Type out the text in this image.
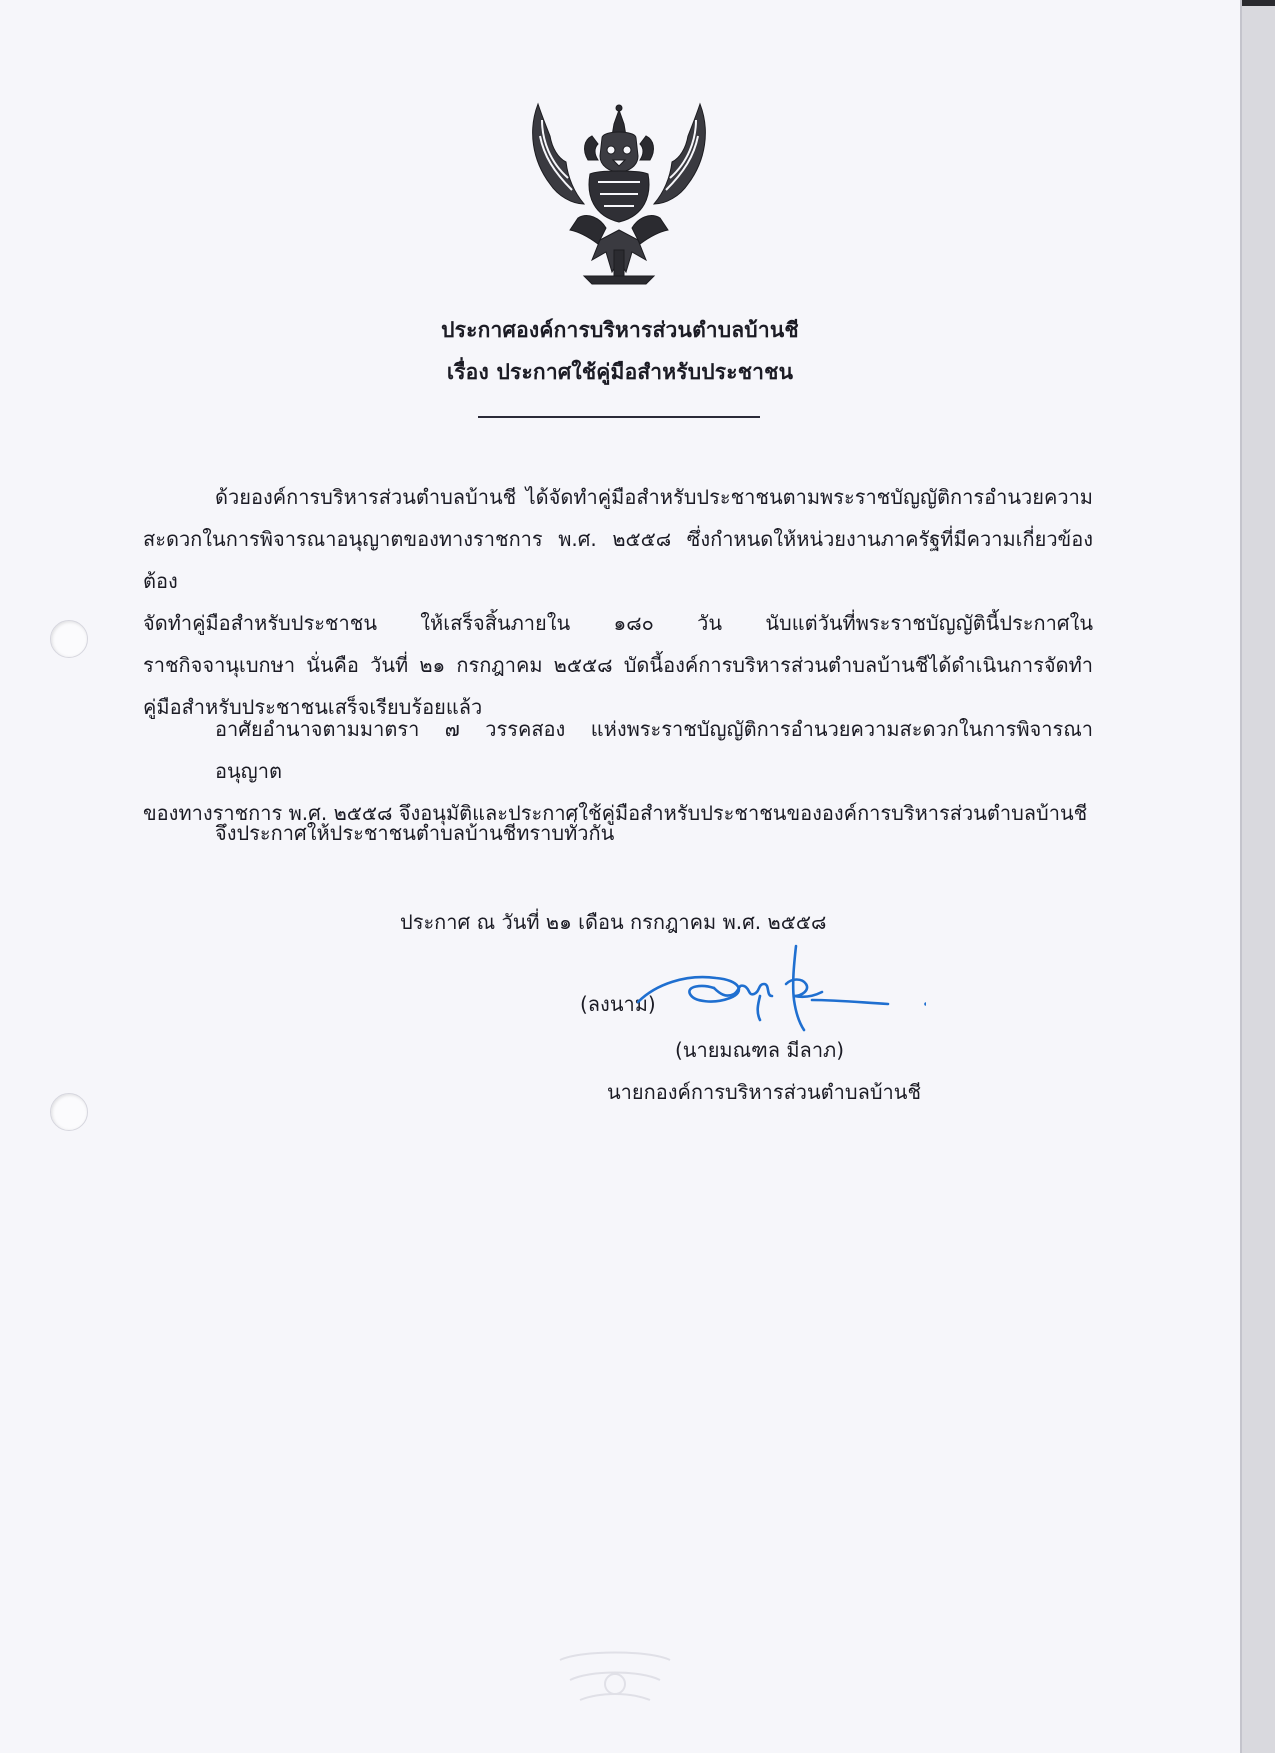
ประกาศองค์การบริหารส่วนตำบลบ้านชี
เรื่อง ประกาศใช้คู่มือสำหรับประชาชน

ด้วยองค์การบริหารส่วนตำบลบ้านชี ได้จัดทำคู่มือสำหรับประชาชนตามพระราชบัญญัติการอำนวยความ

สะดวกในการพิจารณาอนุญาตของทางราชการ พ.ศ. ๒๕๕๘ ซึ่งกำหนดให้หน่วยงานภาครัฐที่มีความเกี่ยวข้องต้อง

จัดทำคู่มือสำหรับประชาชน ให้เสร็จสิ้นภายใน ๑๘๐ วัน นับแต่วันที่พระราชบัญญัตินี้ประกาศใน

ราชกิจจานุเบกษา นั่นคือ วันที่ ๒๑ กรกฎาคม ๒๕๕๘ บัดนี้องค์การบริหารส่วนตำบลบ้านชีได้ดำเนินการจัดทำ

คู่มือสำหรับประชาชนเสร็จเรียบร้อยแล้ว

อาศัยอำนาจตามมาตรา ๗ วรรคสอง แห่งพระราชบัญญัติการอำนวยความสะดวกในการพิจารณาอนุญาต
ของทางราชการ พ.ศ. ๒๕๕๘ จึงอนุมัติและประกาศใช้คู่มือสำหรับประชาชนขององค์การบริหารส่วนตำบลบ้านชี
จึงประกาศให้ประชาชนตำบลบ้านชีทราบทั่วกัน
ประกาศ ณ วันที่ ๒๑ เดือน กรกฎาคม พ.ศ. ๒๕๕๘
(ลงนาม)
(นายมณฑล มีลาภ)
นายกองค์การบริหารส่วนตำบลบ้านชี
